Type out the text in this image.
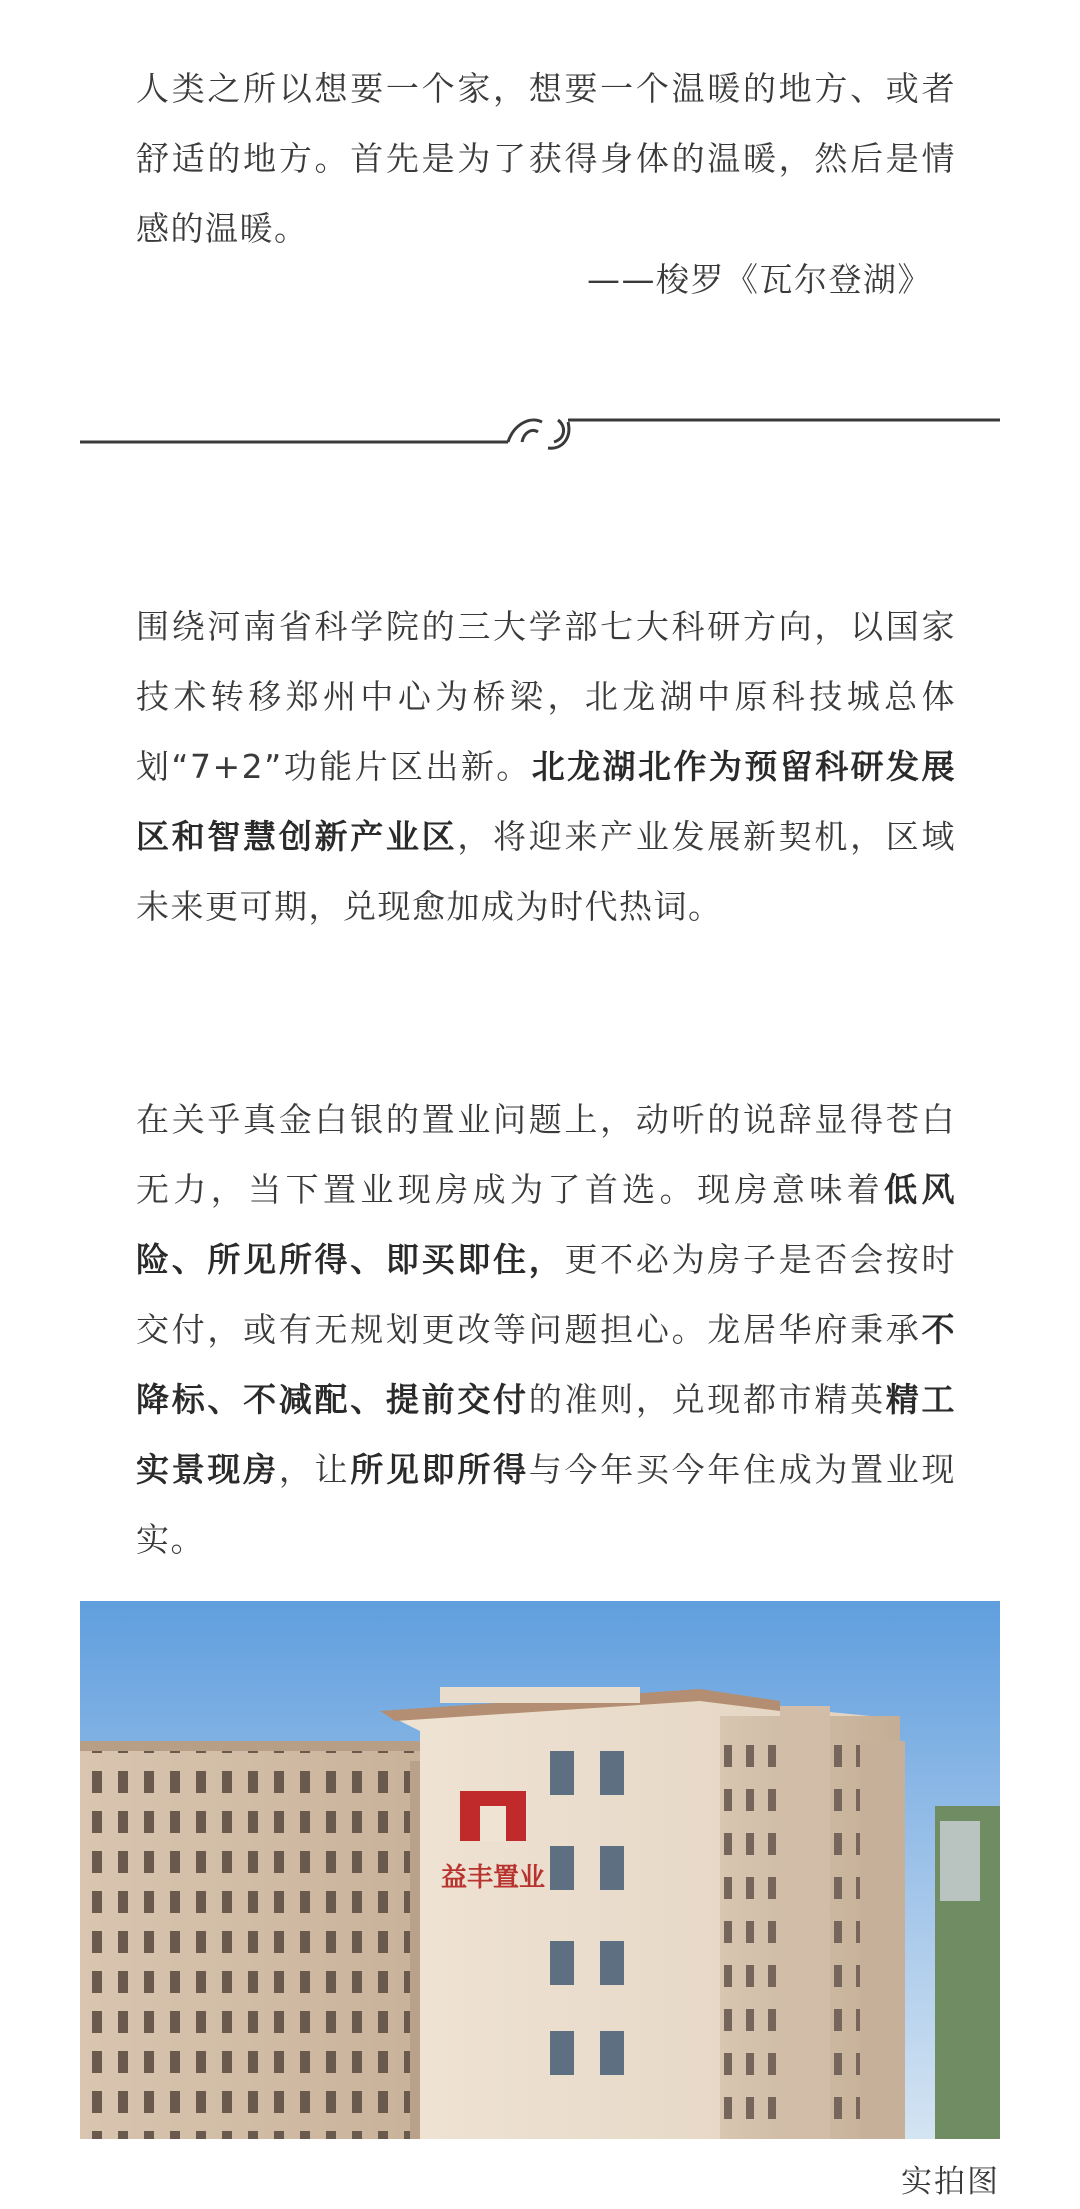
人类之所以想要一个家，想要一个温暖的地方、或者舒适的地方。首先是为了获得身体的温暖，然后是情感的温暖。

——梭罗《瓦尔登湖》

围绕河南省科学院的三大学部七大科研方向，以国家技术转移郑州中心为桥梁，北龙湖中原科技城总体划“7+2”功能片区出新。北龙湖北作为预留科研发展区和智慧创新产业区，将迎来产业发展新契机，区域未来更可期，兑现愈加成为时代热词。

在关乎真金白银的置业问题上，动听的说辞显得苍白无力，当下置业现房成为了首选。现房意味着低风险、所见所得、即买即住，更不必为房子是否会按时交付，或有无规划更改等问题担心。龙居华府秉承不降标、不减配、提前交付的准则，兑现都市精英精工实景现房，让所见即所得与今年买今年住成为置业现实。

益丰置业

实拍图
